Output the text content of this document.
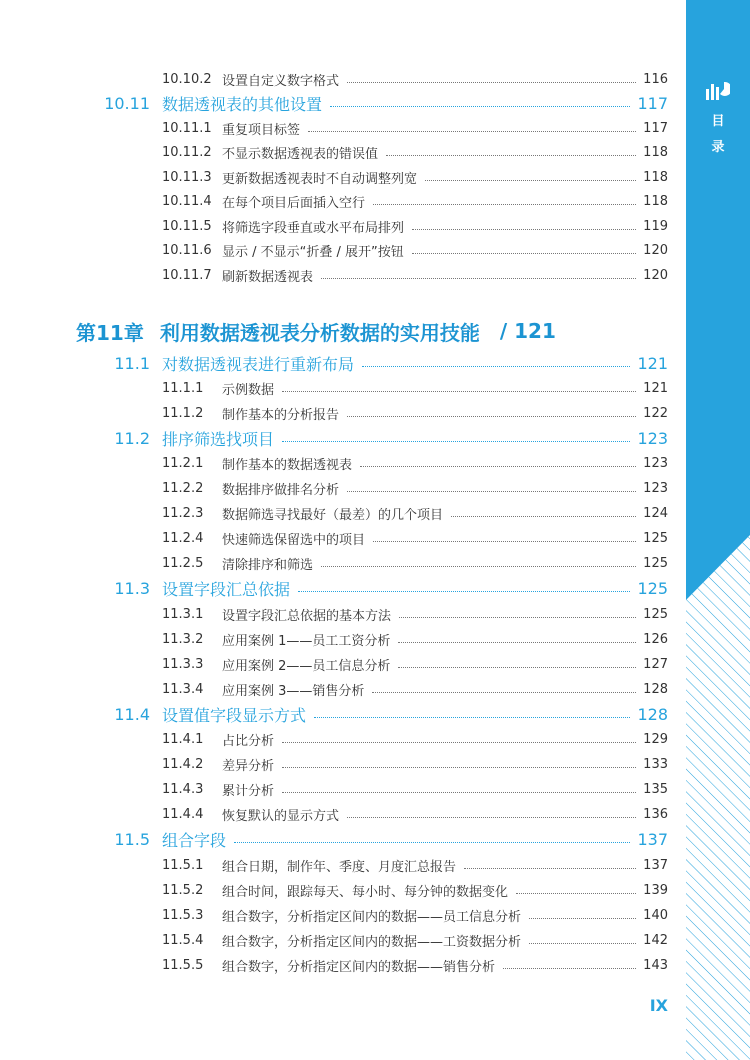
10.10.2 设置自定义数字格式	116
10.11 数据透视表的其他设置	117
10.11.1 重复项目标签	117
10.11.2 不显示数据透视表的错误值	118
10.11.3 更新数据透视表时不自动调整列宽	118
10.11.4 在每个项目后面插入空行	118
10.11.5 将筛选字段垂直或水平布局排列	119
10.11.6 显示 / 不显示“折叠 / 展开”按钮	120
10.11.7 刷新数据透视表	120
第11章 利用数据透视表分析数据的实用技能 / 121
11.1 对数据透视表进行重新布局	121
11.1.1	示例数据	121
11.1.2	制作基本的分析报告	122
11.2 排序筛选找项目	123
11.2.1	制作基本的数据透视表	123
11.2.2	数据排序做排名分析	123
11.2.3	数据筛选寻找最好（最差）的几个项目	124
11.2.4	快速筛选保留选中的项目	125
11.2.5	清除排序和筛选	125
11.3 设置字段汇总依据	125
11.3.1	设置字段汇总依据的基本方法	125
11.3.2	应用案例 1——员工工资分析	126
11.3.3	应用案例 2——员工信息分析	127
11.3.4	应用案例 3——销售分析	128
11.4 设置值字段显示方式	128
11.4.1	占比分析	129
11.4.2	差异分析	133
11.4.3	累计分析	135
11.4.4	恢复默认的显示方式	136
11.5 组合字段	137
11.5.1	组合日期，制作年、季度、月度汇总报告	137
11.5.2	组合时间，跟踪每天、每小时、每分钟的数据变化	139
11.5.3	组合数字，分析指定区间内的数据——员工信息分析	140
11.5.4	组合数字，分析指定区间内的数据——工资数据分析	142
11.5.5	组合数字，分析指定区间内的数据——销售分析	143
目
录
IX
